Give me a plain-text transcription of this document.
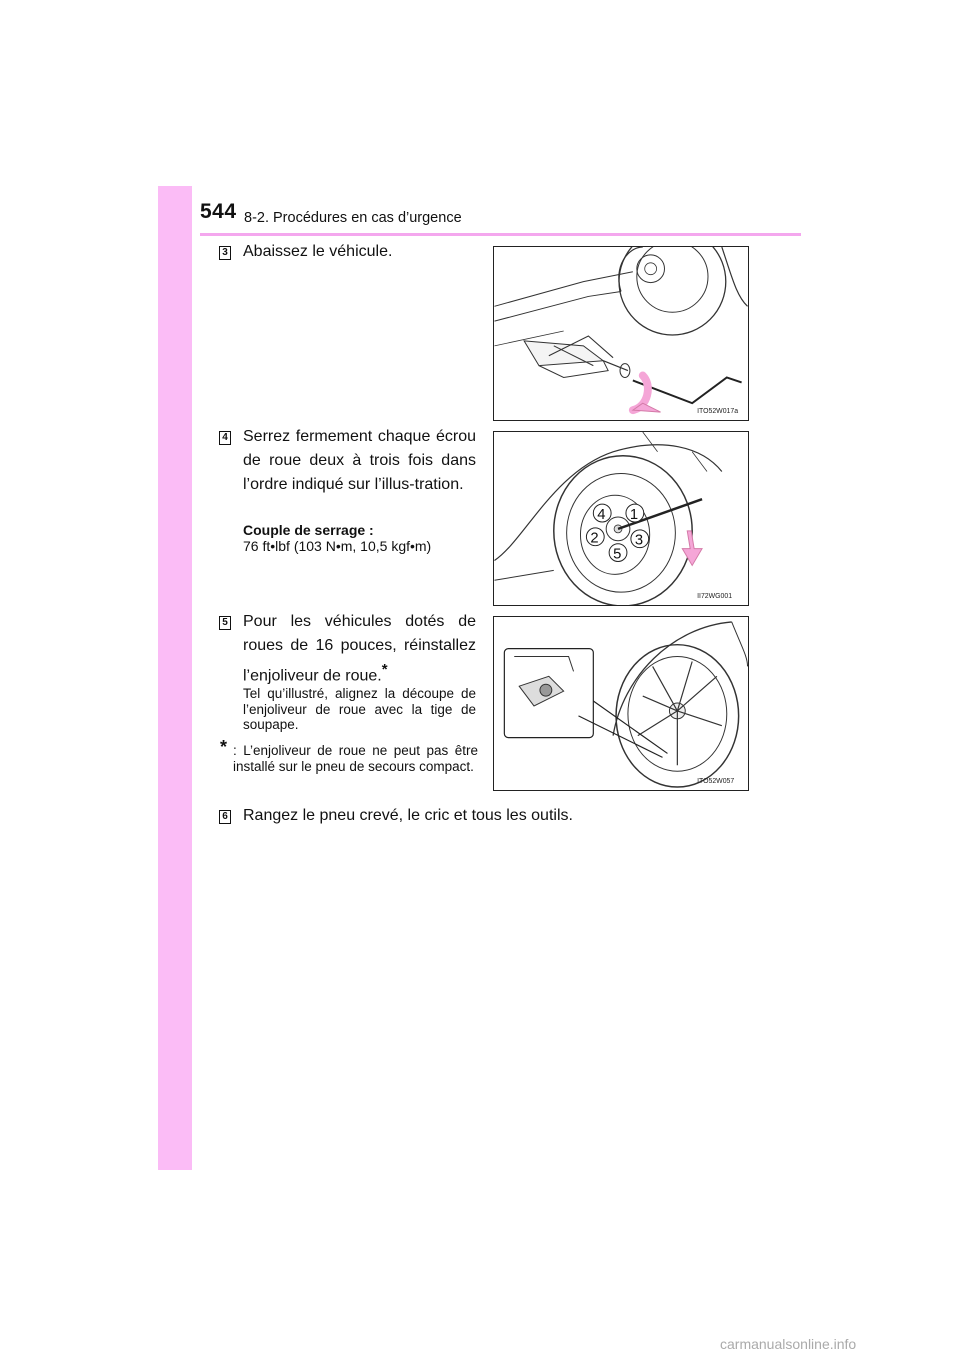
544 8-2. Procédures en cas d’urgence
3 Abaissez le véhicule.
ITO52W017a
4 Serrez fermement chaque écrou de roue deux à trois fois dans l’ordre indiqué sur l’illus-tration.
Couple de serrage :
76 ft•lbf (103 N•m, 10,5 kgf•m)
1
2 3
4
5
II72WG001
5 Pour les véhicules dotés de roues de 16 pouces, réinstallez l’enjoliveur de roue.*
Tel qu’illustré, alignez la découpe de l’enjoliveur de roue avec la tige de soupape.
* : L’enjoliveur de roue ne peut pas être installé sur le pneu de secours compact.
ITO52W057
6 Rangez le pneu crevé, le cric et tous les outils.
carmanualsonline.info
